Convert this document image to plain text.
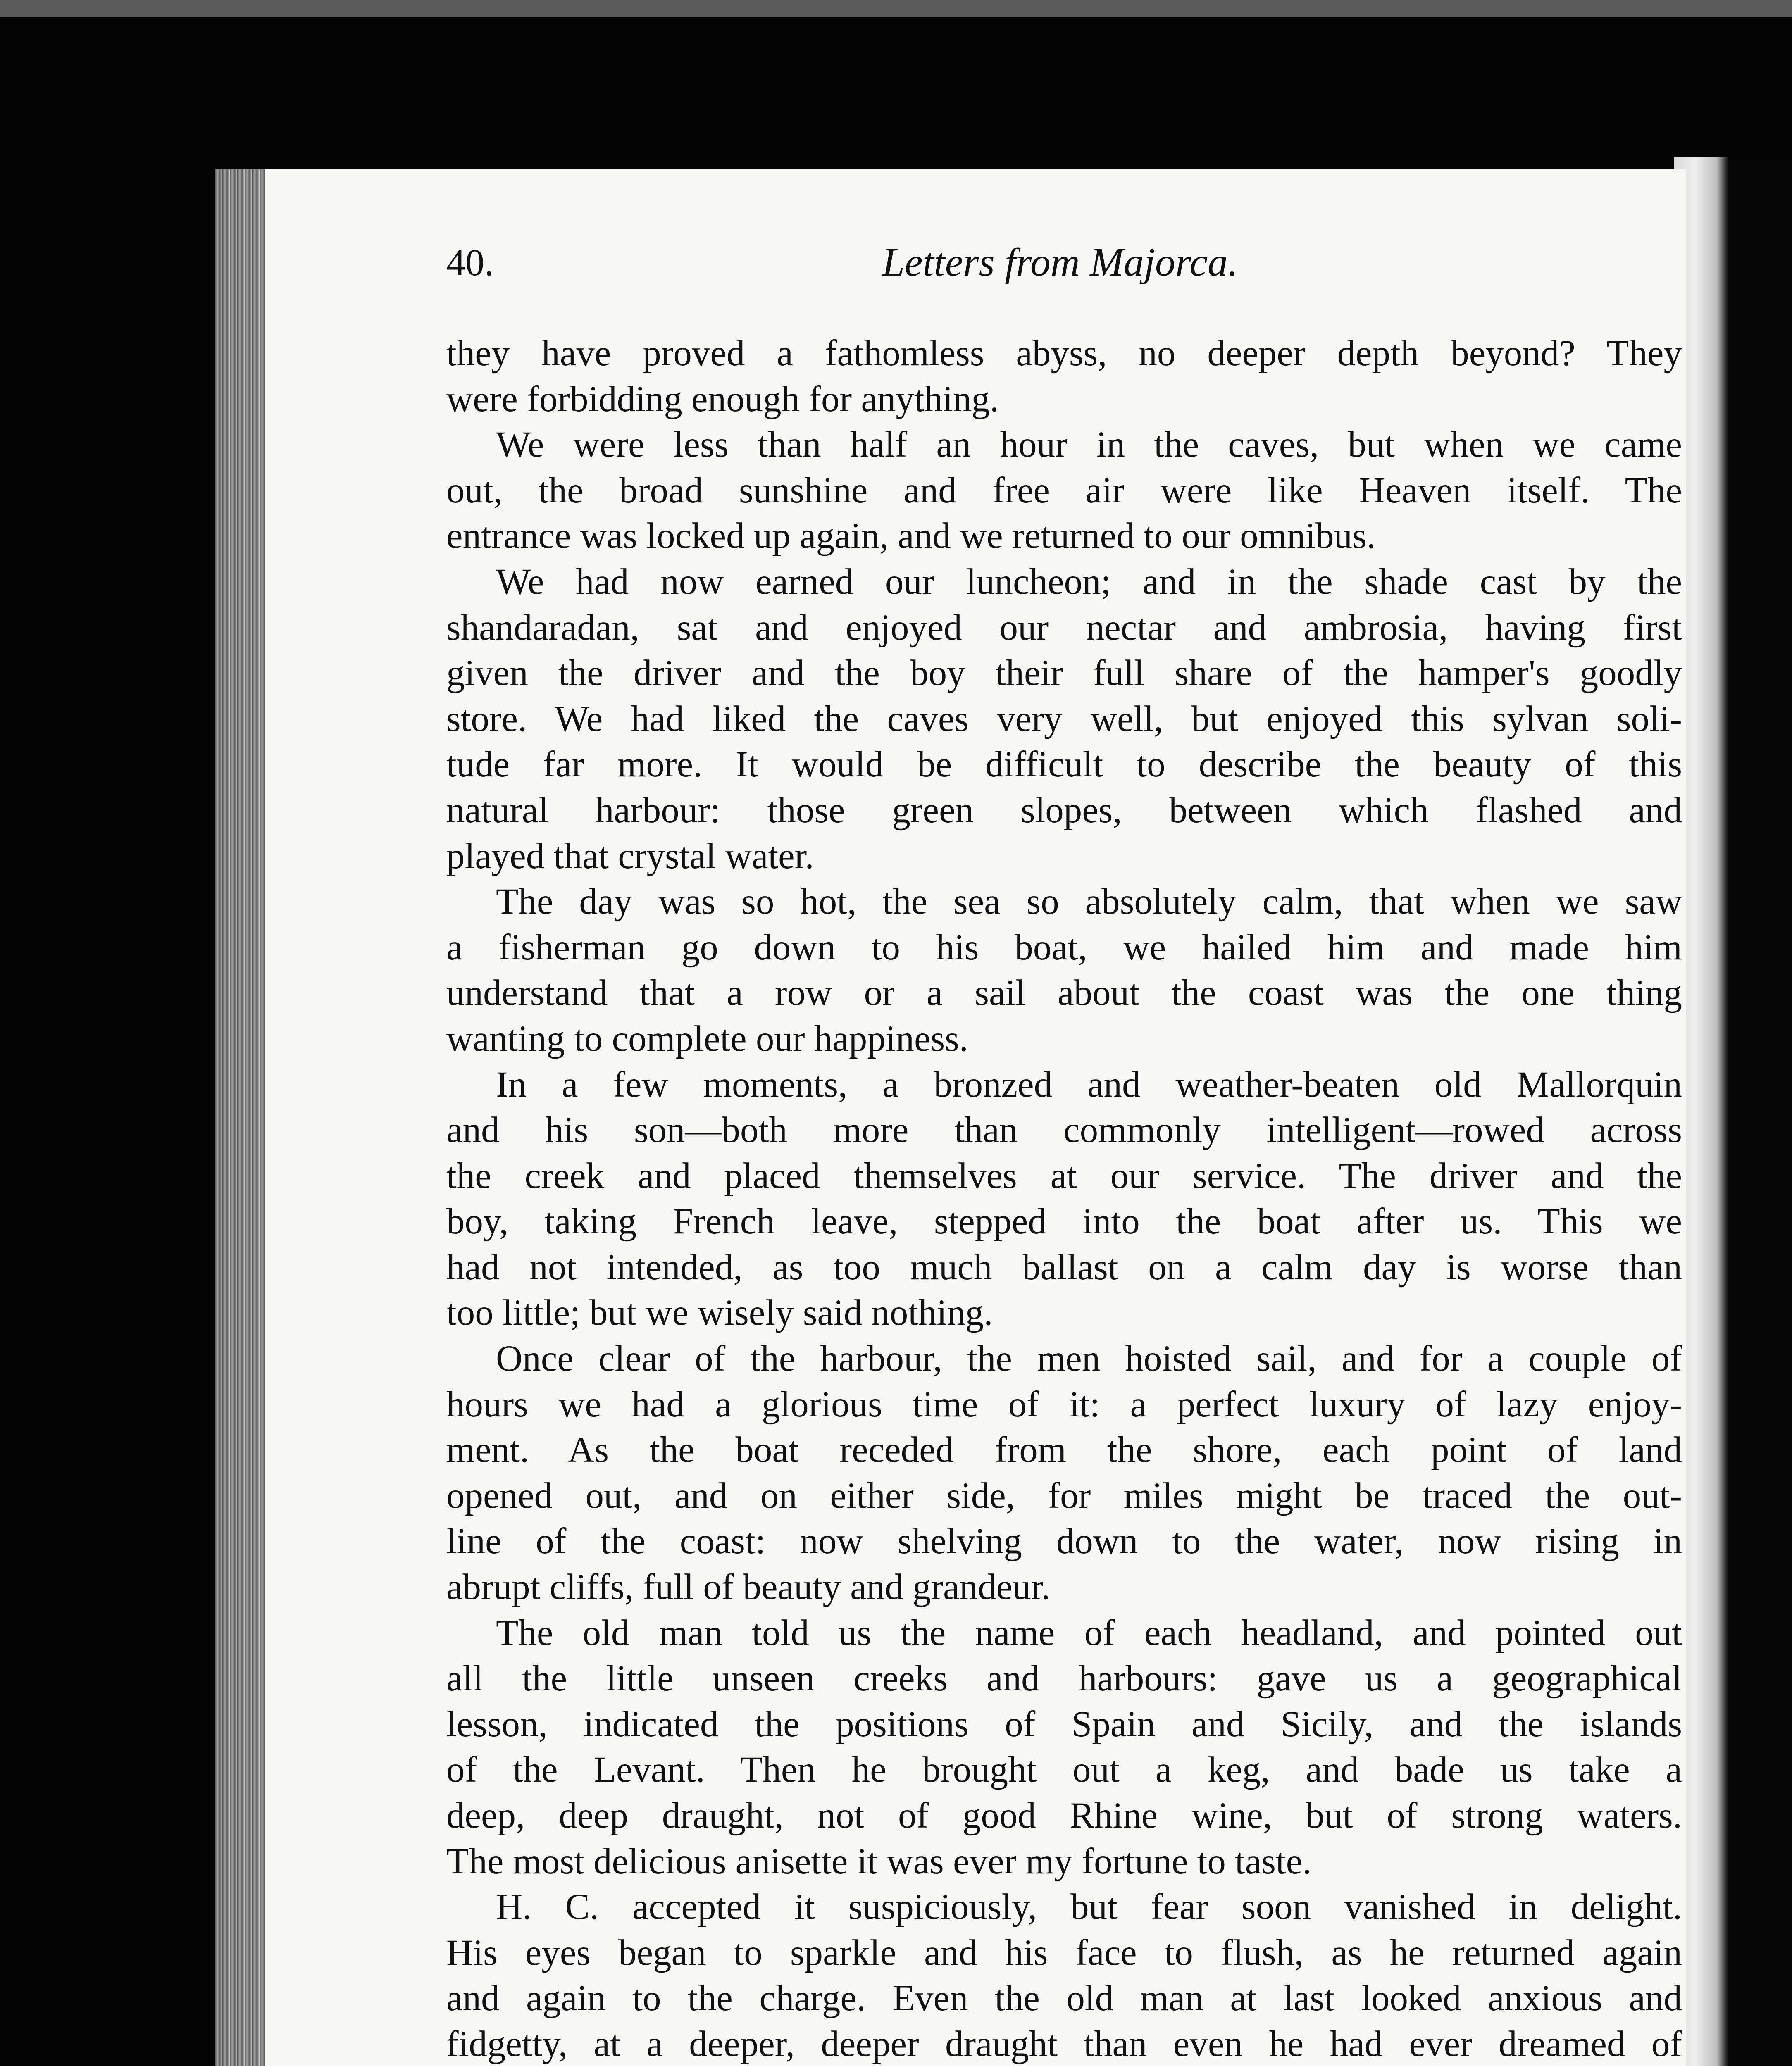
40.	Letters from Majorca.

they have proved a fathomless abyss, no deeper depth beyond? They
were forbidding enough for anything.

We were less than half an hour in the caves, but when we came
out, the broad sunshine and free air were like Heaven itself. The
entrance was locked up again, and we returned to our omnibus.

We had now earned our luncheon; and in the shade cast by the
shandaradan, sat and enjoyed our nectar and ambrosia, having first
given the driver and the boy their full share of the hamper's goodly
store. We had liked the caves very well, but enjoyed this sylvan soli-
tude far more. It would be difficult to describe the beauty of this
natural harbour: those green slopes, between which flashed and
played that crystal water.

The day was so hot, the sea so absolutely calm, that when we saw
a fisherman go down to his boat, we hailed him and made him
understand that a row or a sail about the coast was the one thing
wanting to complete our happiness.

In a few moments, a bronzed and weather-beaten old Mallorquin
and his son—both more than commonly intelligent—rowed across
the creek and placed themselves at our service. The driver and the
boy, taking French leave, stepped into the boat after us. This we
had not intended, as too much ballast on a calm day is worse than
too little; but we wisely said nothing.

Once clear of the harbour, the men hoisted sail, and for a couple of
hours we had a glorious time of it: a perfect luxury of lazy enjoy-
ment. As the boat receded from the shore, each point of land
opened out, and on either side, for miles might be traced the out-
line of the coast: now shelving down to the water, now rising in
abrupt cliffs, full of beauty and grandeur.

The old man told us the name of each headland, and pointed out
all the little unseen creeks and harbours: gave us a geographical
lesson, indicated the positions of Spain and Sicily, and the islands
of the Levant. Then he brought out a keg, and bade us take a
deep, deep draught, not of good Rhine wine, but of strong waters.
The most delicious anisette it was ever my fortune to taste.

H. C. accepted it suspiciously, but fear soon vanished in delight.
His eyes began to sparkle and his face to flush, as he returned again
and again to the charge. Even the old man at last looked anxious and
fidgetty, at a deeper, deeper draught than even he had ever dreamed of
